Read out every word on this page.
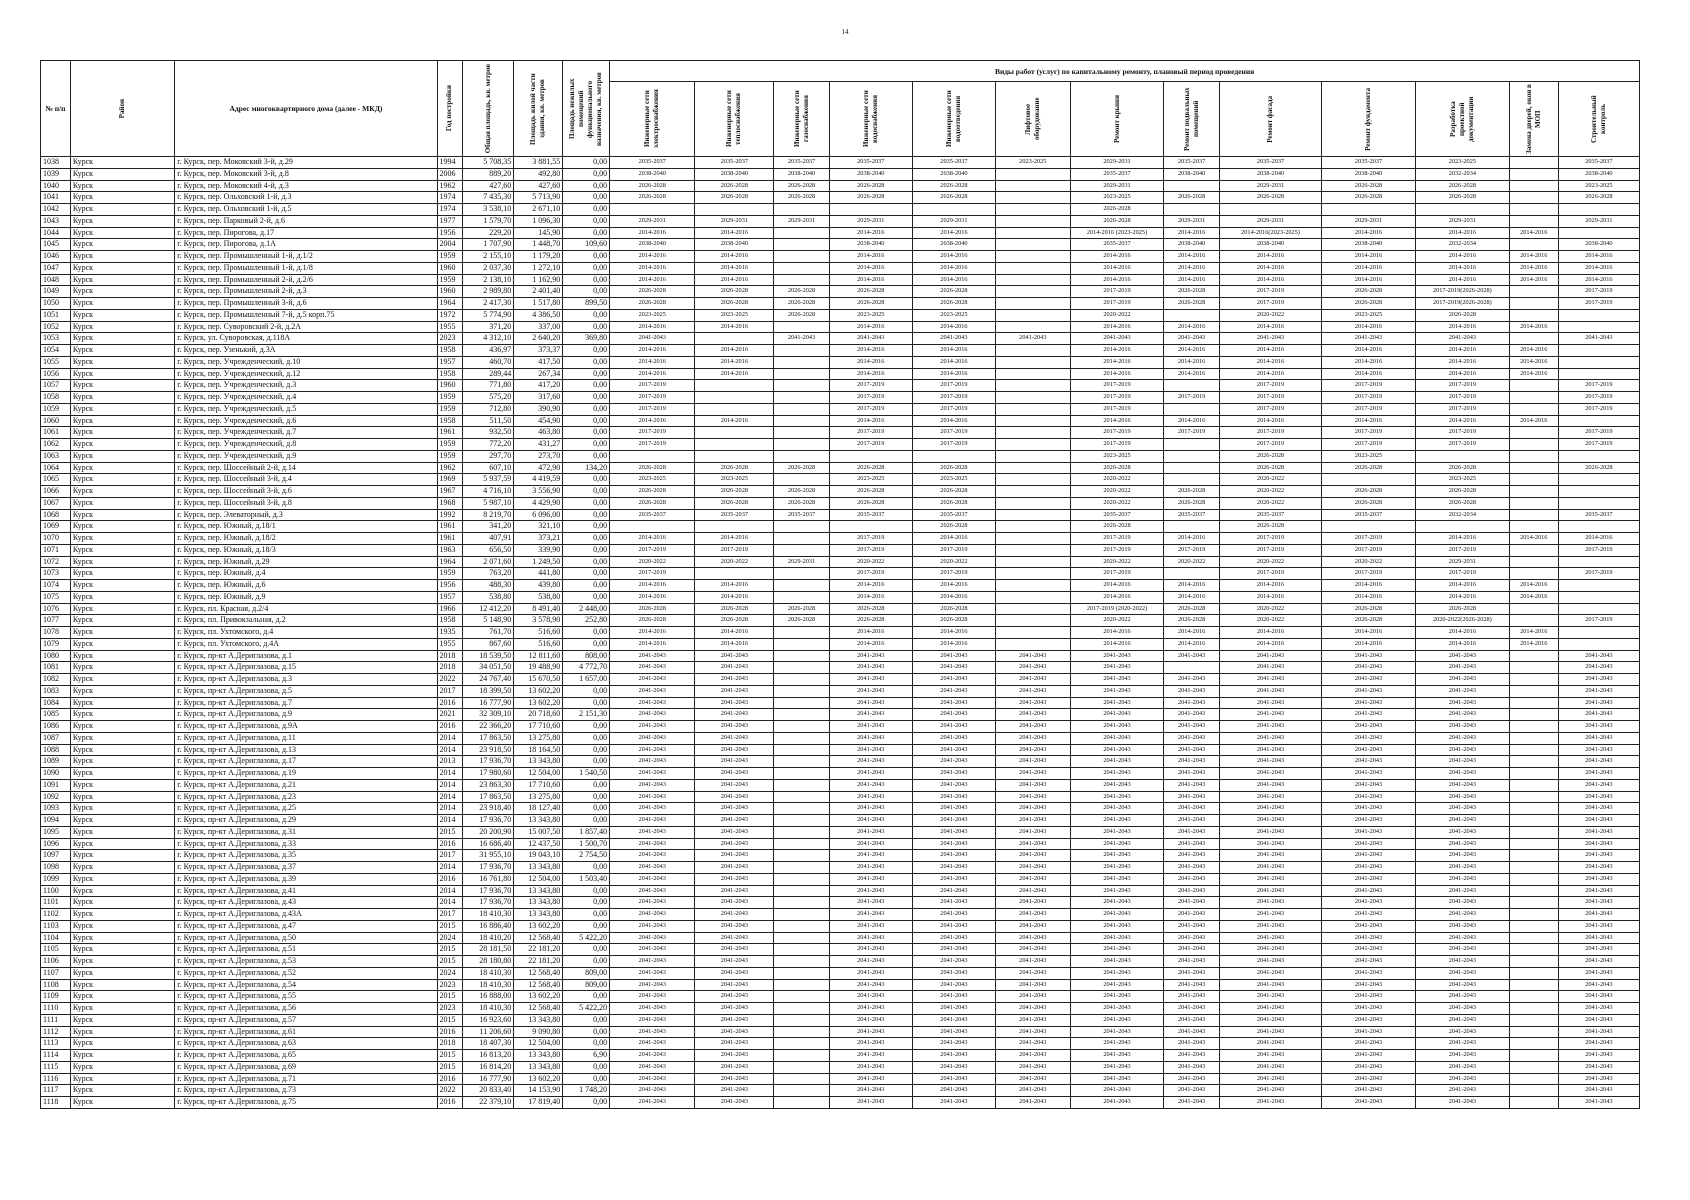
14
№ п/п	Район	Адрес многоквартирного дома (далее - МКД)	Год постройки	Общая площадь, кв. метров	Площадь жилой части здания, кв. метров	Площадь нежилых помещений функционального назначения, кв. метров	Виды работ (услуг) по капитальному ремонту, плановый период проведения												

							Инженерные сети электроснабжения	Инженерные сети теплоснабжения	Инженерные сети газоснабжения	Инженерные сети водоснабжения	Инженерные сети водоотведения	Лифтовое оборудование	Ремонт крыши	Ремонт подвальных помещений	Ремонт фасада	Ремонт фундамента	Разработка проектной документации	Замена дверей, окон в МОП	Строительный контроль

1038	Курск	г. Курск, пер. Моковский 3-й, д.29	1994	5 708,35	3 881,55	0,00	2035-2037	2035-2037	2035-2037	2035-2037	2035-2037	2023-2025	2029-2031	2035-2037	2035-2037	2035-2037	2023-2025		2035-2037
1039	Курск	г. Курск, пер. Моковский 3-й, д.8	2006	889,20	492,80	0,00	2038-2040	2038-2040	2038-2040	2038-2040	2038-2040		2035-2037	2038-2040	2038-2040	2038-2040	2032-2034		2038-2040
1040	Курск	г. Курск, пер. Моковский 4-й, д.3	1962	427,60	427,60	0,00	2026-2028	2026-2028	2026-2028	2026-2028	2026-2028		2029-2031		2029-2031	2026-2028	2026-2028		2023-2025
1041	Курск	г. Курск, пер. Ольховский 1-й, д.3	1974	7 435,30	5 713,90	0,00	2026-2028	2026-2028	2026-2028	2026-2028	2026-2028		2023-2025	2026-2028	2026-2028	2026-2028	2026-2028		2026-2028
1042	Курск	г. Курск, пер. Ольховский 1-й, д.5	1974	3 538,10	2 671,10	0,00							2026-2028						
1043	Курск	г. Курск, пер. Парковый 2-й, д.6	1977	1 579,70	1 096,30	0,00	2029-2031	2029-2031	2029-2031	2029-2031	2029-2031		2026-2028	2029-2031	2029-2031	2029-2031	2029-2031		2029-2031
1044	Курск	г. Курск, пер. Пирогова, д.17	1956	229,20	145,90	0,00	2014-2016	2014-2016		2014-2016	2014-2016		2014-2016 (2023-2025)	2014-2016	2014-2016(2023-2025)	2014-2016	2014-2016	2014-2016	
1045	Курск	г. Курск, пер. Пирогова, д.1А	2004	1 707,90	1 448,70	109,60	2038-2040	2038-2040		2038-2040	2038-2040		2035-2037	2038-2040	2038-2040	2038-2040	2032-2034		2038-2040
1046	Курск	г. Курск, пер. Промышленный 1-й, д.1/2	1959	2 155,10	1 179,20	0,00	2014-2016	2014-2016		2014-2016	2014-2016		2014-2016	2014-2016	2014-2016	2014-2016	2014-2016	2014-2016	2014-2016
1047	Курск	г. Курск, пер. Промышленный 1-й, д.1/8	1960	2 037,30	1 272,10	0,00	2014-2016	2014-2016		2014-2016	2014-2016		2014-2016	2014-2016	2014-2016	2014-2016	2014-2016	2014-2016	2014-2016
1048	Курск	г. Курск, пер. Промышленный 2-й, д.2/6	1959	2 138,10	1 162,90	0,00	2014-2016	2014-2016		2014-2016	2014-2016		2014-2016	2014-2016	2014-2016	2014-2016	2014-2016	2014-2016	2014-2016
1049	Курск	г. Курск, пер. Промышленный 2-й, д.3	1960	2 989,80	2 401,40	0,00	2026-2028	2026-2028	2026-2028	2026-2028	2026-2028		2017-2019	2026-2028	2017-2019	2026-2028	2017-2019(2026-2028)		2017-2019
1050	Курск	г. Курск, пер. Промышленный 3-й, д.6	1964	2 417,30	1 517,80	899,50	2026-2028	2026-2028	2026-2028	2026-2028	2026-2028		2017-2019	2026-2028	2017-2019	2026-2028	2017-2019(2026-2028)		2017-2019
1051	Курск	г. Курск, пер. Промышленный 7-й, д.5 корп.75	1972	5 774,90	4 386,50	0,00	2023-2025	2023-2025	2026-2028	2023-2025	2023-2025		2020-2022		2020-2022	2023-2025	2026-2028		
1052	Курск	г. Курск, пер. Суворовский 2-й, д.2А	1955	371,20	337,00	0,00	2014-2016	2014-2016		2014-2016	2014-2016		2014-2016	2014-2016	2014-2016	2014-2016	2014-2016	2014-2016	
1053	Курск	г. Курск, ул. Суворовская, д.118А	2023	4 312,10	2 640,20	369,80	2041-2043		2041-2043	2041-2043	2041-2043	2041-2043	2041-2043	2041-2043	2041-2043	2041-2043	2041-2043		2041-2043
1054	Курск	г. Курск, пер. Узенький, д.3А	1958	436,97	373,37	0,00	2014-2016	2014-2016		2014-2016	2014-2016		2014-2016	2014-2016	2014-2016	2014-2016	2014-2016	2014-2016	
1055	Курск	г. Курск, пер. Учрежденческий, д.10	1957	460,70	417,50	0,00	2014-2016	2014-2016		2014-2016	2014-2016		2014-2016	2014-2016	2014-2016	2014-2016	2014-2016	2014-2016	
1056	Курск	г. Курск, пер. Учрежденческий, д.12	1958	289,44	267,34	0,00	2014-2016	2014-2016		2014-2016	2014-2016		2014-2016	2014-2016	2014-2016	2014-2016	2014-2016	2014-2016	
1057	Курск	г. Курск, пер. Учрежденческий, д.3	1960	771,80	417,20	0,00	2017-2019			2017-2019	2017-2019		2017-2019		2017-2019	2017-2019	2017-2019		2017-2019
1058	Курск	г. Курск, пер. Учрежденческий, д.4	1959	575,20	317,60	0,00	2017-2019			2017-2019	2017-2019		2017-2019	2017-2019	2017-2019	2017-2019	2017-2019		2017-2019
1059	Курск	г. Курск, пер. Учрежденческий, д.5	1959	712,80	390,90	0,00	2017-2019			2017-2019	2017-2019		2017-2019		2017-2019	2017-2019	2017-2019		2017-2019
1060	Курск	г. Курск, пер. Учрежденческий, д.6	1958	511,50	454,90	0,00	2014-2016	2014-2016		2014-2016	2014-2016		2014-2016	2014-2016	2014-2016	2014-2016	2014-2016	2014-2016	
1061	Курск	г. Курск, пер. Учрежденческий, д.7	1961	932,50	463,80	0,00	2017-2019			2017-2019	2017-2019		2017-2019	2017-2019	2017-2019	2017-2019	2017-2019		2017-2019
1062	Курск	г. Курск, пер. Учрежденческий, д.8	1959	772,20	431,27	0,00	2017-2019			2017-2019	2017-2019		2017-2019		2017-2019	2017-2019	2017-2019		2017-2019
1063	Курск	г. Курск, пер. Учрежденческий, д.9	1959	297,70	273,70	0,00							2023-2025		2026-2028	2023-2025			
1064	Курск	г. Курск, пер. Шоссейный 2-й, д.14	1962	607,10	472,90	134,20	2026-2028	2026-2028	2026-2028	2026-2028	2026-2028		2026-2028		2026-2028	2026-2028	2026-2028		2026-2028
1065	Курск	г. Курск, пер. Шоссейный 3-й, д.4	1969	5 937,59	4 419,59	0,00	2023-2025	2023-2025		2023-2025	2023-2025		2020-2022		2020-2022		2023-2025		
1066	Курск	г. Курск, пер. Шоссейный 3-й, д.6	1967	4 716,10	3 556,90	0,00	2026-2028	2026-2028	2026-2028	2026-2028	2026-2028		2020-2022	2026-2028	2020-2022	2026-2028	2026-2028		
1067	Курск	г. Курск, пер. Шоссейный 3-й, д.8	1968	5 987,10	4 429,90	0,00	2026-2028	2026-2028	2026-2028	2026-2028	2026-2028		2020-2022	2026-2028	2020-2022	2026-2028	2026-2028		
1068	Курск	г. Курск, пер. Элеваторный, д.3	1992	8 219,70	6 096,00	0,00	2035-2037	2035-2037	2035-2037	2035-2037	2035-2037		2035-2037	2035-2037	2035-2037	2035-2037	2032-2034		2035-2037
1069	Курск	г. Курск, пер. Южный, д.18/1	1961	341,20	321,10	0,00					2026-2028		2026-2028		2026-2028				
1070	Курск	г. Курск, пер. Южный, д.18/2	1961	407,91	373,21	0,00	2014-2016	2014-2016		2017-2019	2014-2016		2017-2019	2014-2016	2017-2019	2017-2019	2014-2016	2014-2016	2014-2016
1071	Курск	г. Курск, пер. Южный, д.18/3	1963	656,50	339,90	0,00	2017-2019	2017-2019		2017-2019	2017-2019		2017-2019	2017-2019	2017-2019	2017-2019	2017-2019		2017-2019
1072	Курск	г. Курск, пер. Южный, д.29	1964	2 071,60	1 249,50	0,00	2020-2022	2020-2022	2029-2031	2020-2022	2020-2022		2020-2022	2020-2022	2020-2022	2020-2022	2029-2031		
1073	Курск	г. Курск, пер. Южный, д.4	1959	763,20	441,80	0,00	2017-2019			2017-2019	2017-2019		2017-2019		2017-2019	2017-2019	2017-2019		2017-2019
1074	Курск	г. Курск, пер. Южный, д.6	1956	488,30	439,80	0,00	2014-2016	2014-2016		2014-2016	2014-2016		2014-2016	2014-2016	2014-2016	2014-2016	2014-2016	2014-2016	
1075	Курск	г. Курск, пер. Южный, д.9	1957	538,80	538,80	0,00	2014-2016	2014-2016		2014-2016	2014-2016		2014-2016	2014-2016	2014-2016	2014-2016	2014-2016	2014-2016	
1076	Курск	г. Курск, пл. Красная, д.2/4	1966	12 412,20	8 491,40	2 448,00	2026-2028	2026-2028	2026-2028	2026-2028	2026-2028		2017-2019 (2020-2022)	2026-2028	2020-2022	2026-2028	2026-2028		
1077	Курск	г. Курск, пл. Привокзальная, д.2	1958	5 148,90	3 578,90	252,80	2026-2028	2026-2028	2026-2028	2026-2028	2026-2028		2020-2022	2026-2028	2020-2022	2026-2028	2020-2022(2026-2028)		2017-2019
1078	Курск	г. Курск, пл. Ухтомского, д.4	1935	761,70	516,60	0,00	2014-2016	2014-2016		2014-2016	2014-2016		2014-2016	2014-2016	2014-2016	2014-2016	2014-2016	2014-2016	
1079	Курск	г. Курск, пл. Ухтомского, д.4А	1955	867,60	516,60	0,00	2014-2016	2014-2016		2014-2016	2014-2016		2014-2016	2014-2016	2014-2016	2014-2016	2014-2016	2014-2016	
1080	Курск	г. Курск, пр-кт А.Дериглазова, д.1	2018	18 539,50	12 811,60	808,00	2041-2043	2041-2043		2041-2043	2041-2043	2041-2043	2041-2043	2041-2043	2041-2043	2041-2043	2041-2043		2041-2043
1081	Курск	г. Курск, пр-кт А.Дериглазова, д.15	2018	34 051,50	19 488,90	4 772,70	2041-2043	2041-2043		2041-2043	2041-2043	2041-2043	2041-2043		2041-2043	2041-2043	2041-2043		2041-2043
1082	Курск	г. Курск, пр-кт А.Дериглазова, д.3	2022	24 767,40	15 670,50	1 657,00	2041-2043	2041-2043		2041-2043	2041-2043	2041-2043	2041-2043	2041-2043	2041-2043	2041-2043	2041-2043		2041-2043
1083	Курск	г. Курск, пр-кт А.Дериглазова, д.5	2017	18 399,50	13 602,20	0,00	2041-2043	2041-2043		2041-2043	2041-2043	2041-2043	2041-2043	2041-2043	2041-2043	2041-2043	2041-2043		2041-2043
1084	Курск	г. Курск, пр-кт А.Дериглазова, д.7	2016	16 777,90	13 602,20	0,00	2041-2043	2041-2043		2041-2043	2041-2043	2041-2043	2041-2043	2041-2043	2041-2043	2041-2043	2041-2043		2041-2043
1085	Курск	г. Курск, пр-кт А.Дериглазова, д.9	2021	32 309,10	20 718,60	2 151,30	2041-2043	2041-2043		2041-2043	2041-2043	2041-2043	2041-2043	2041-2043	2041-2043	2041-2043	2041-2043		2041-2043
1086	Курск	г. Курск, пр-кт А.Дериглазова, д.9А	2016	22 366,20	17 710,60	0,00	2041-2043	2041-2043		2041-2043	2041-2043	2041-2043	2041-2043	2041-2043	2041-2043	2041-2043	2041-2043		2041-2043
1087	Курск	г. Курск, пр-кт А.Дериглазова, д.11	2014	17 863,50	13 275,80	0,00	2041-2043	2041-2043		2041-2043	2041-2043	2041-2043	2041-2043	2041-2043	2041-2043	2041-2043	2041-2043		2041-2043
1088	Курск	г. Курск, пр-кт А.Дериглазова, д.13	2014	23 918,50	18 164,50	0,00	2041-2043	2041-2043		2041-2043	2041-2043	2041-2043	2041-2043	2041-2043	2041-2043	2041-2043	2041-2043		2041-2043
1089	Курск	г. Курск, пр-кт А.Дериглазова, д.17	2013	17 936,70	13 343,80	0,00	2041-2043	2041-2043		2041-2043	2041-2043	2041-2043	2041-2043	2041-2043	2041-2043	2041-2043	2041-2043		2041-2043
1090	Курск	г. Курск, пр-кт А.Дериглазова, д.19	2014	17 980,60	12 504,00	1 540,50	2041-2043	2041-2043		2041-2043	2041-2043	2041-2043	2041-2043	2041-2043	2041-2043	2041-2043	2041-2043		2041-2043
1091	Курск	г. Курск, пр-кт А.Дериглазова, д.21	2014	23 863,30	17 710,60	0,00	2041-2043	2041-2043		2041-2043	2041-2043	2041-2043	2041-2043	2041-2043	2041-2043	2041-2043	2041-2043		2041-2043
1092	Курск	г. Курск, пр-кт А.Дериглазова, д.23	2014	17 863,50	13 275,80	0,00	2041-2043	2041-2043		2041-2043	2041-2043	2041-2043	2041-2043	2041-2043	2041-2043	2041-2043	2041-2043		2041-2043
1093	Курск	г. Курск, пр-кт А.Дериглазова, д.25	2014	23 918,40	18 127,40	0,00	2041-2043	2041-2043		2041-2043	2041-2043	2041-2043	2041-2043	2041-2043	2041-2043	2041-2043	2041-2043		2041-2043
1094	Курск	г. Курск, пр-кт А.Дериглазова, д.29	2014	17 936,70	13 343,80	0,00	2041-2043	2041-2043		2041-2043	2041-2043	2041-2043	2041-2043	2041-2043	2041-2043	2041-2043	2041-2043		2041-2043
1095	Курск	г. Курск, пр-кт А.Дериглазова, д.31	2015	20 200,90	15 007,50	1 857,40	2041-2043	2041-2043		2041-2043	2041-2043	2041-2043	2041-2043	2041-2043	2041-2043	2041-2043	2041-2043		2041-2043
1096	Курск	г. Курск, пр-кт А.Дериглазова, д.33	2016	16 686,40	12 437,50	1 500,70	2041-2043	2041-2043		2041-2043	2041-2043	2041-2043	2041-2043	2041-2043	2041-2043	2041-2043	2041-2043		2041-2043
1097	Курск	г. Курск, пр-кт А.Дериглазова, д.35	2017	31 955,10	19 043,10	2 754,50	2041-2043	2041-2043		2041-2043	2041-2043	2041-2043	2041-2043	2041-2043	2041-2043	2041-2043	2041-2043		2041-2043
1098	Курск	г. Курск, пр-кт А.Дериглазова, д.37	2014	17 936,70	13 343,80	0,00	2041-2043	2041-2043		2041-2043	2041-2043	2041-2043	2041-2043	2041-2043	2041-2043	2041-2043	2041-2043		2041-2043
1099	Курск	г. Курск, пр-кт А.Дериглазова, д.39	2016	16 761,80	12 504,00	1 503,40	2041-2043	2041-2043		2041-2043	2041-2043	2041-2043	2041-2043	2041-2043	2041-2043	2041-2043	2041-2043		2041-2043
1100	Курск	г. Курск, пр-кт А.Дериглазова, д.41	2014	17 936,70	13 343,80	0,00	2041-2043	2041-2043		2041-2043	2041-2043	2041-2043	2041-2043	2041-2043	2041-2043	2041-2043	2041-2043		2041-2043
1101	Курск	г. Курск, пр-кт А.Дериглазова, д.43	2014	17 936,70	13 343,80	0,00	2041-2043	2041-2043		2041-2043	2041-2043	2041-2043	2041-2043	2041-2043	2041-2043	2041-2043	2041-2043		2041-2043
1102	Курск	г. Курск, пр-кт А.Дериглазова, д.43А	2017	18 410,30	13 343,80	0,00	2041-2043	2041-2043		2041-2043	2041-2043	2041-2043	2041-2043	2041-2043	2041-2043	2041-2043	2041-2043		2041-2043
1103	Курск	г. Курск, пр-кт А.Дериглазова, д.47	2015	16 886,40	13 602,20	0,00	2041-2043	2041-2043		2041-2043	2041-2043	2041-2043	2041-2043	2041-2043	2041-2043	2041-2043	2041-2043		2041-2043
1104	Курск	г. Курск, пр-кт А.Дериглазова, д.50	2024	18 410,20	12 568,40	5 422,20	2041-2043	2041-2043		2041-2043	2041-2043	2041-2043	2041-2043	2041-2043	2041-2043	2041-2043	2041-2043		2041-2043
1105	Курск	г. Курск, пр-кт А.Дериглазова, д.51	2015	28 181,50	22 181,20	0,00	2041-2043	2041-2043		2041-2043	2041-2043	2041-2043	2041-2043	2041-2043	2041-2043	2041-2043	2041-2043		2041-2043
1106	Курск	г. Курск, пр-кт А.Дериглазова, д.53	2015	28 180,80	22 181,20	0,00	2041-2043	2041-2043		2041-2043	2041-2043	2041-2043	2041-2043	2041-2043	2041-2043	2041-2043	2041-2043		2041-2043
1107	Курск	г. Курск, пр-кт А.Дериглазова, д.52	2024	18 410,30	12 568,40	809,00	2041-2043	2041-2043		2041-2043	2041-2043	2041-2043	2041-2043	2041-2043	2041-2043	2041-2043	2041-2043		2041-2043
1108	Курск	г. Курск, пр-кт А.Дериглазова, д.54	2023	18 410,30	12 568,40	809,00	2041-2043	2041-2043		2041-2043	2041-2043	2041-2043	2041-2043	2041-2043	2041-2043	2041-2043	2041-2043		2041-2043
1109	Курск	г. Курск, пр-кт А.Дериглазова, д.55	2015	16 888,00	13 602,20	0,00	2041-2043	2041-2043		2041-2043	2041-2043	2041-2043	2041-2043	2041-2043	2041-2043	2041-2043	2041-2043		2041-2043
1110	Курск	г. Курск, пр-кт А.Дериглазова, д.56	2023	18 410,30	12 568,40	5 422,20	2041-2043	2041-2043		2041-2043	2041-2043	2041-2043	2041-2043	2041-2043	2041-2043	2041-2043	2041-2043		2041-2043
1111	Курск	г. Курск, пр-кт А.Дериглазова, д.57	2015	16 923,60	13 343,80	0,00	2041-2043	2041-2043		2041-2043	2041-2043	2041-2043	2041-2043	2041-2043	2041-2043	2041-2043	2041-2043		2041-2043
1112	Курск	г. Курск, пр-кт А.Дериглазова, д.61	2016	11 206,60	9 090,80	0,00	2041-2043	2041-2043		2041-2043	2041-2043	2041-2043	2041-2043	2041-2043	2041-2043	2041-2043	2041-2043		2041-2043
1113	Курск	г. Курск, пр-кт А.Дериглазова, д.63	2018	18 407,30	12 504,00	0,00	2041-2043	2041-2043		2041-2043	2041-2043	2041-2043	2041-2043	2041-2043	2041-2043	2041-2043	2041-2043		2041-2043
1114	Курск	г. Курск, пр-кт А.Дериглазова, д.65	2015	16 813,20	13 343,80	6,90	2041-2043	2041-2043		2041-2043	2041-2043	2041-2043	2041-2043	2041-2043	2041-2043	2041-2043	2041-2043		2041-2043
1115	Курск	г. Курск, пр-кт А.Дериглазова, д.69	2015	16 814,20	13 343,80	0,00	2041-2043	2041-2043		2041-2043	2041-2043	2041-2043	2041-2043	2041-2043	2041-2043	2041-2043	2041-2043		2041-2043
1116	Курск	г. Курск, пр-кт А.Дериглазова, д.71	2016	16 777,90	13 602,20	0,00	2041-2043	2041-2043		2041-2043	2041-2043	2041-2043	2041-2043	2041-2043	2041-2043	2041-2043	2041-2043		2041-2043
1117	Курск	г. Курск, пр-кт А.Дериглазова, д.73	2022	20 833,40	14 153,90	1 748,20	2041-2043	2041-2043		2041-2043	2041-2043	2041-2043	2041-2043	2041-2043	2041-2043	2041-2043	2041-2043		2041-2043
1118	Курск	г. Курск, пр-кт А.Дериглазова, д.75	2016	22 379,10	17 819,40	0,00	2041-2043	2041-2043		2041-2043	2041-2043	2041-2043	2041-2043	2041-2043	2041-2043	2041-2043	2041-2043		2041-2043
